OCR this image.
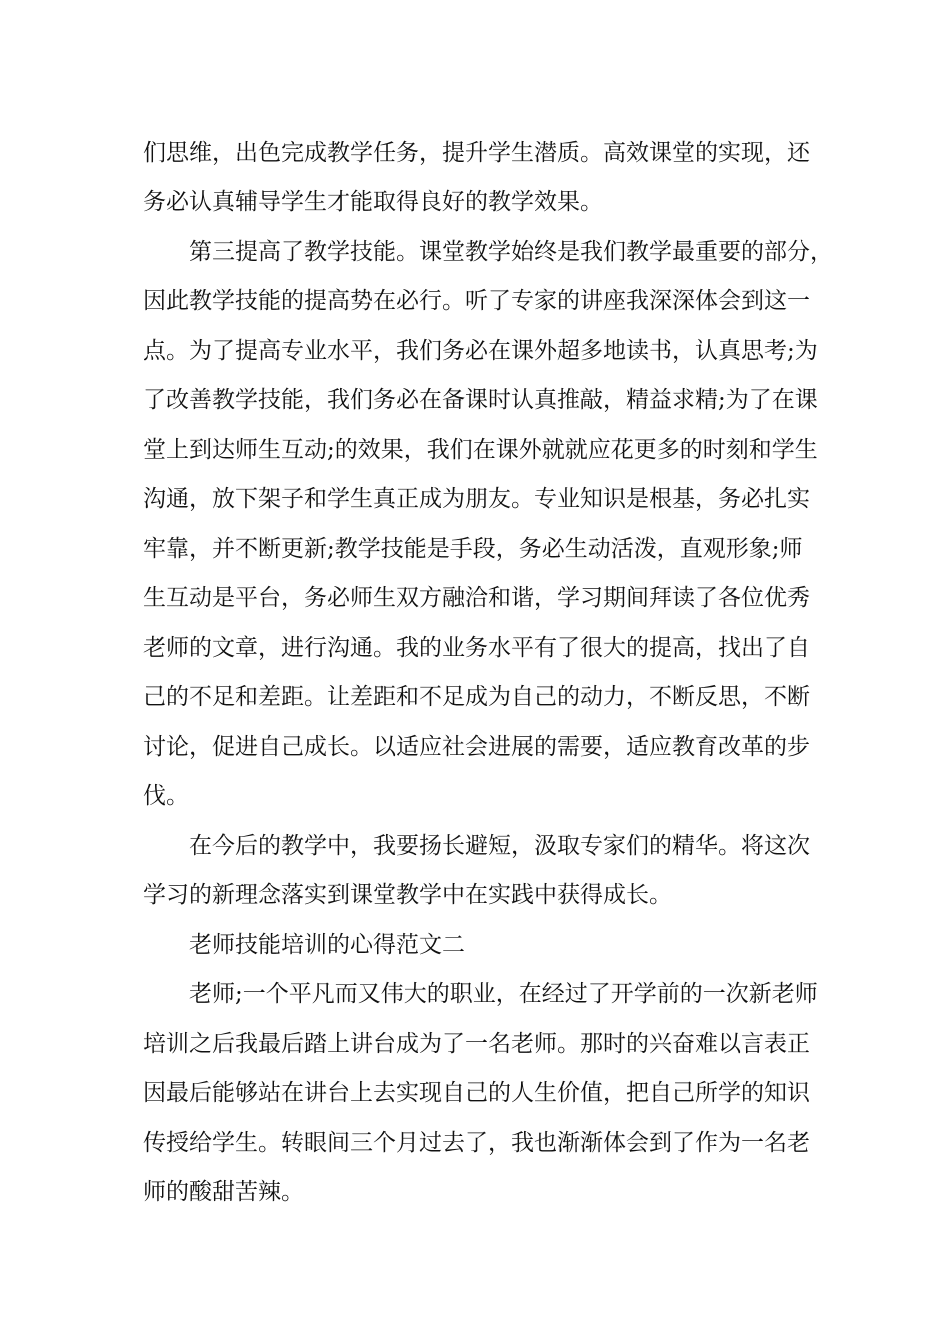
们思维，出色完成教学任务，提升学生潜质。高效课堂的实现，还
务必认真辅导学生才能取得良好的教学效果。
第三提高了教学技能。课堂教学始终是我们教学最重要的部分，
因此教学技能的提高势在必行。听了专家的讲座我深深体会到这一
点。为了提高专业水平，我们务必在课外超多地读书，认真思考;为
了改善教学技能，我们务必在备课时认真推敲，精益求精;为了在课
堂上到达师生互动;的效果，我们在课外就就应花更多的时刻和学生
沟通，放下架子和学生真正成为朋友。专业知识是根基，务必扎实
牢靠，并不断更新;教学技能是手段，务必生动活泼，直观形象;师
生互动是平台，务必师生双方融洽和谐，学习期间拜读了各位优秀
老师的文章，进行沟通。我的业务水平有了很大的提高，找出了自
己的不足和差距。让差距和不足成为自己的动力，不断反思，不断
讨论，促进自己成长。以适应社会进展的需要，适应教育改革的步
伐。
在今后的教学中，我要扬长避短，汲取专家们的精华。将这次
学习的新理念落实到课堂教学中在实践中获得成长。
老师技能培训的心得范文二
老师;一个平凡而又伟大的职业，在经过了开学前的一次新老师
培训之后我最后踏上讲台成为了一名老师。那时的兴奋难以言表正
因最后能够站在讲台上去实现自己的人生价值，把自己所学的知识
传授给学生。转眼间三个月过去了，我也渐渐体会到了作为一名老
师的酸甜苦辣。
